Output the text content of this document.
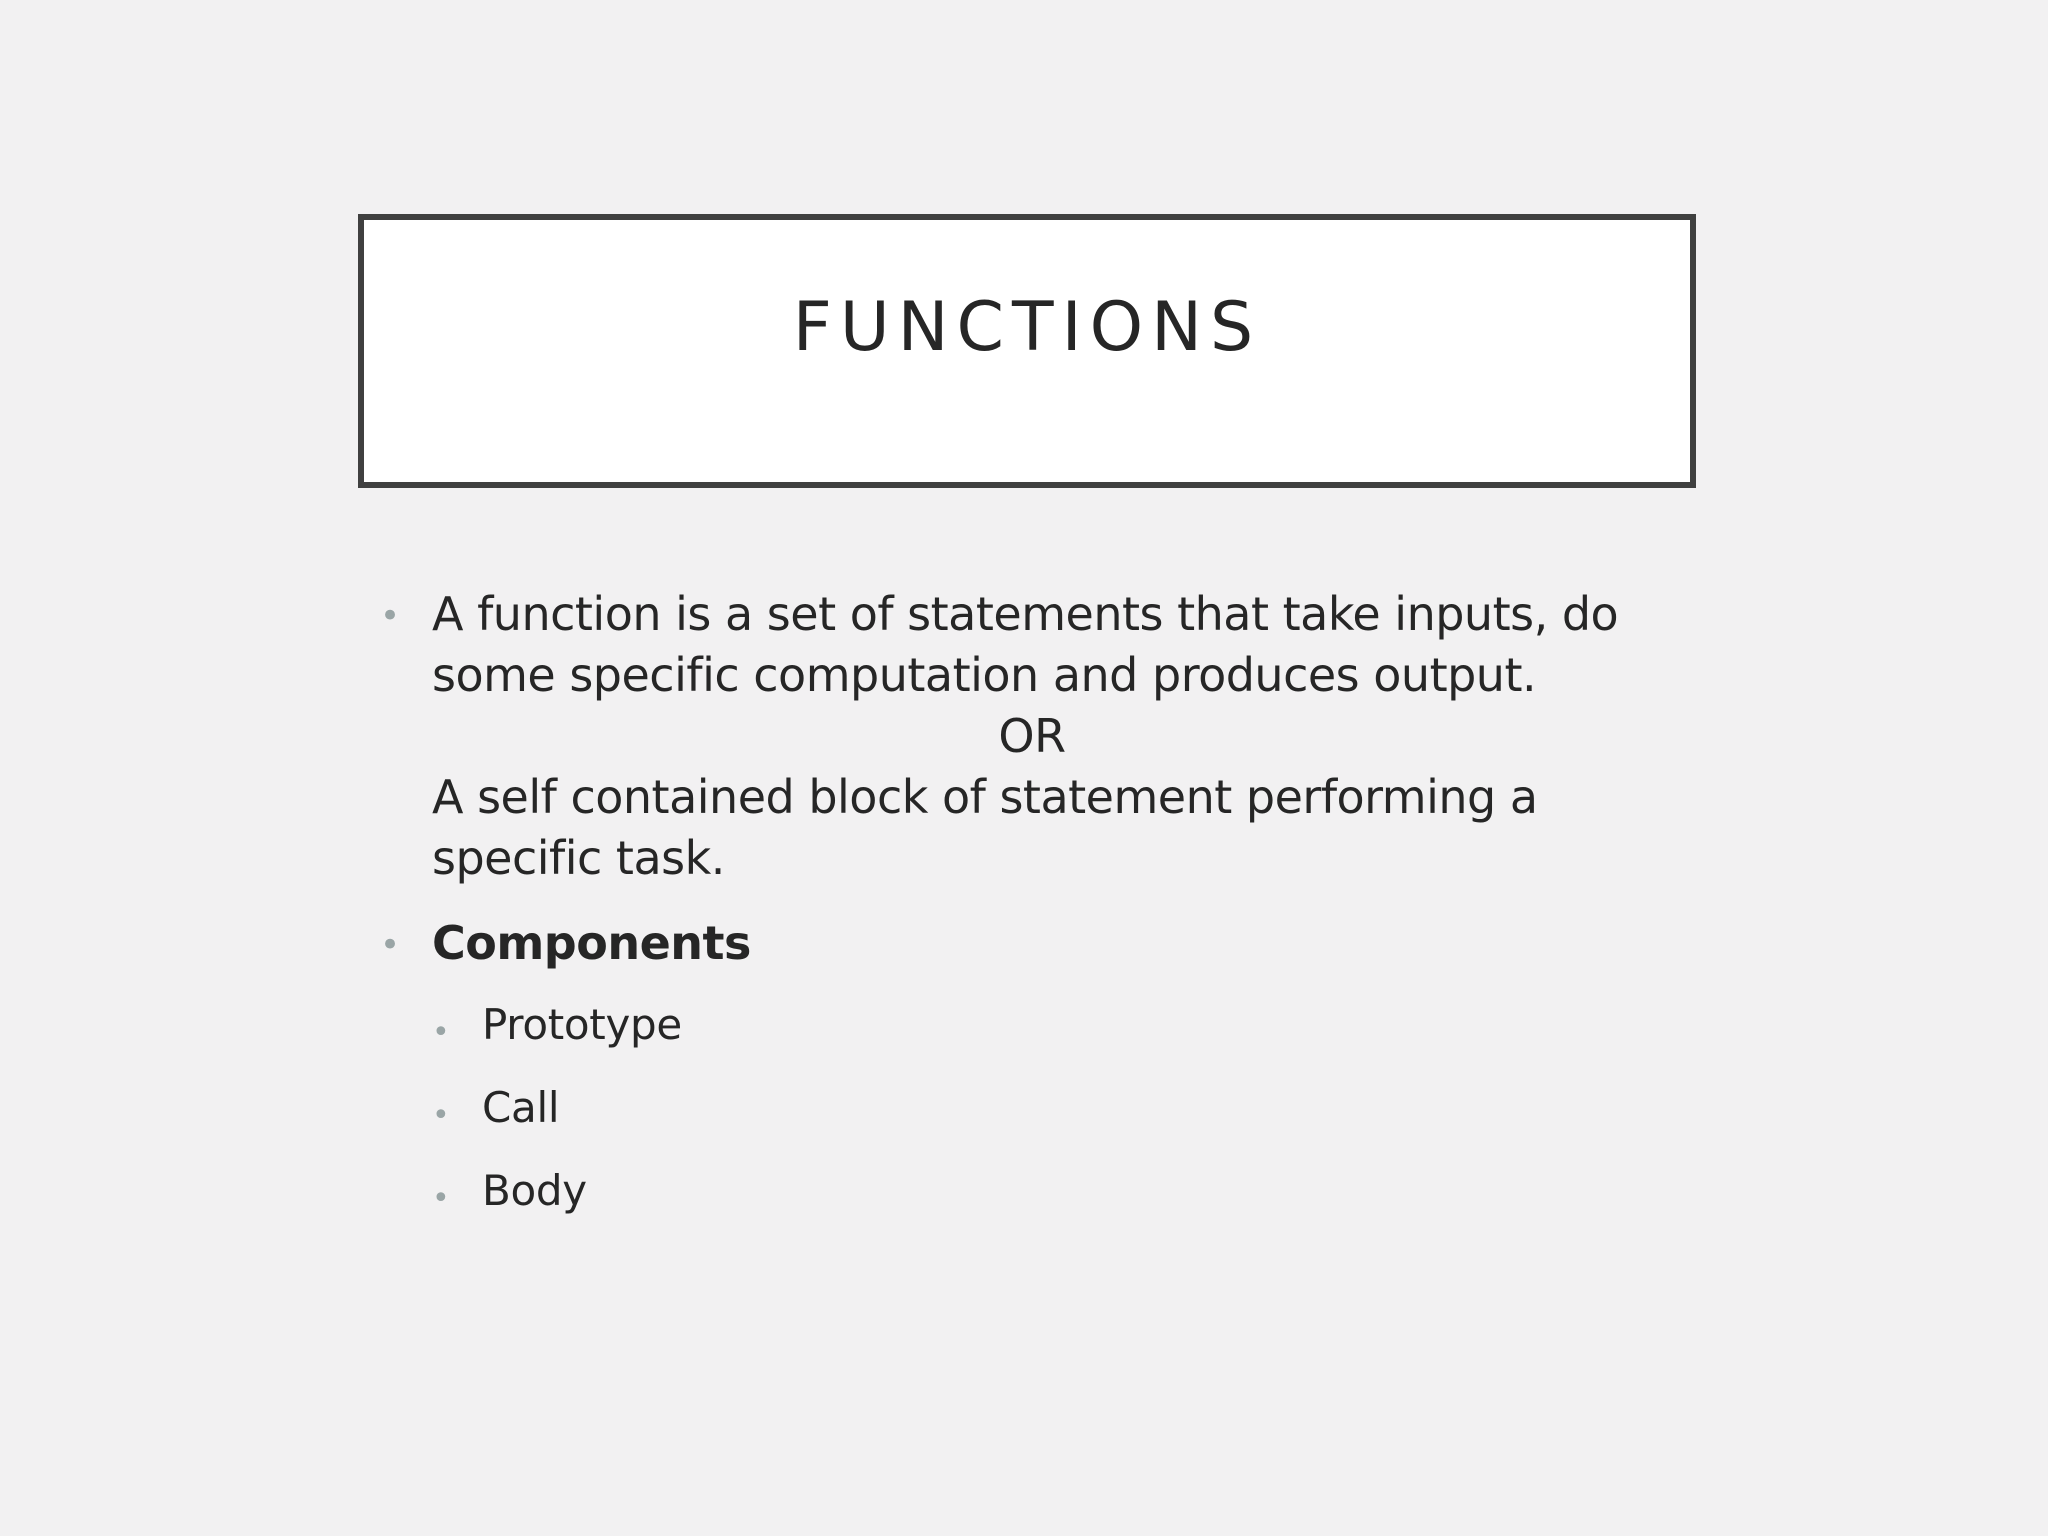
FUNCTIONS
• A function is a set of statements that take inputs, do
some specific computation and produces output.
OR
A self contained block of statement performing a
specific task.
• Components
• Prototype
• Call
• Body
